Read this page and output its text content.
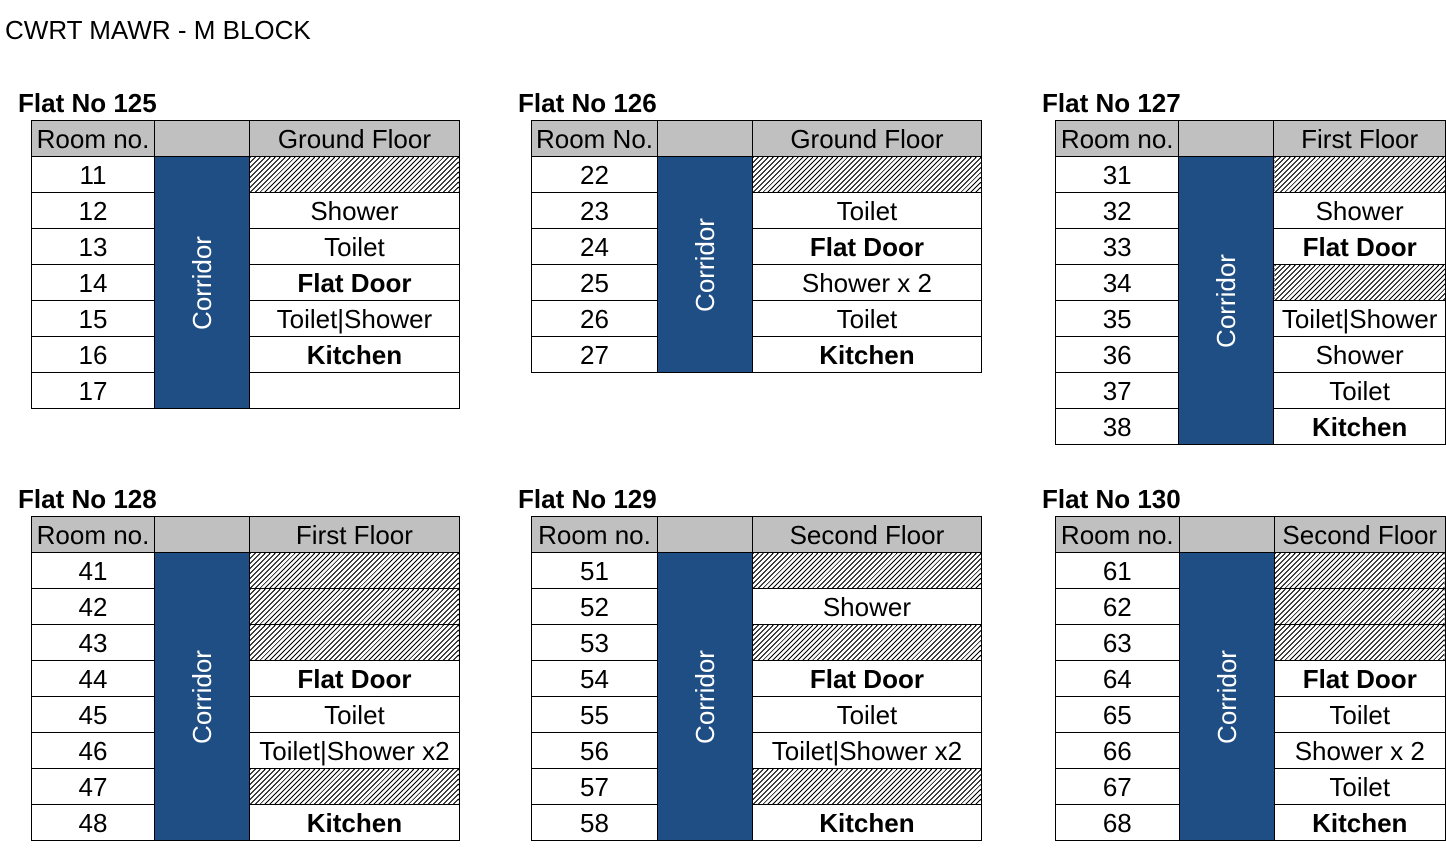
CWRT MAWR - M BLOCK
Flat No 125
Room no.		Ground Floor
11	Corridor	
12		Shower
13		Toilet
14		Flat Door
15		Toilet|Shower
16		Kitchen
17		
Flat No 126
Room No.		Ground Floor
22	Corridor	
23		Toilet
24		Flat Door
25		Shower x 2
26		Toilet
27		Kitchen
Flat No 127
Room no.		First Floor
31	Corridor	
32		Shower
33		Flat Door
34		
35		Toilet|Shower
36		Shower
37		Toilet
38		Kitchen
Flat No 128
Room no.		First Floor
41	Corridor	
42		
43		
44		Flat Door
45		Toilet
46		Toilet|Shower x2
47		
48		Kitchen
Flat No 129
Room no.		Second Floor
51	Corridor	
52		Shower
53		
54		Flat Door
55		Toilet
56		Toilet|Shower x2
57		
58		Kitchen
Flat No 130
Room no.		Second Floor
61	Corridor	
62		
63		
64		Flat Door
65		Toilet
66		Shower x 2
67		Toilet
68		Kitchen
